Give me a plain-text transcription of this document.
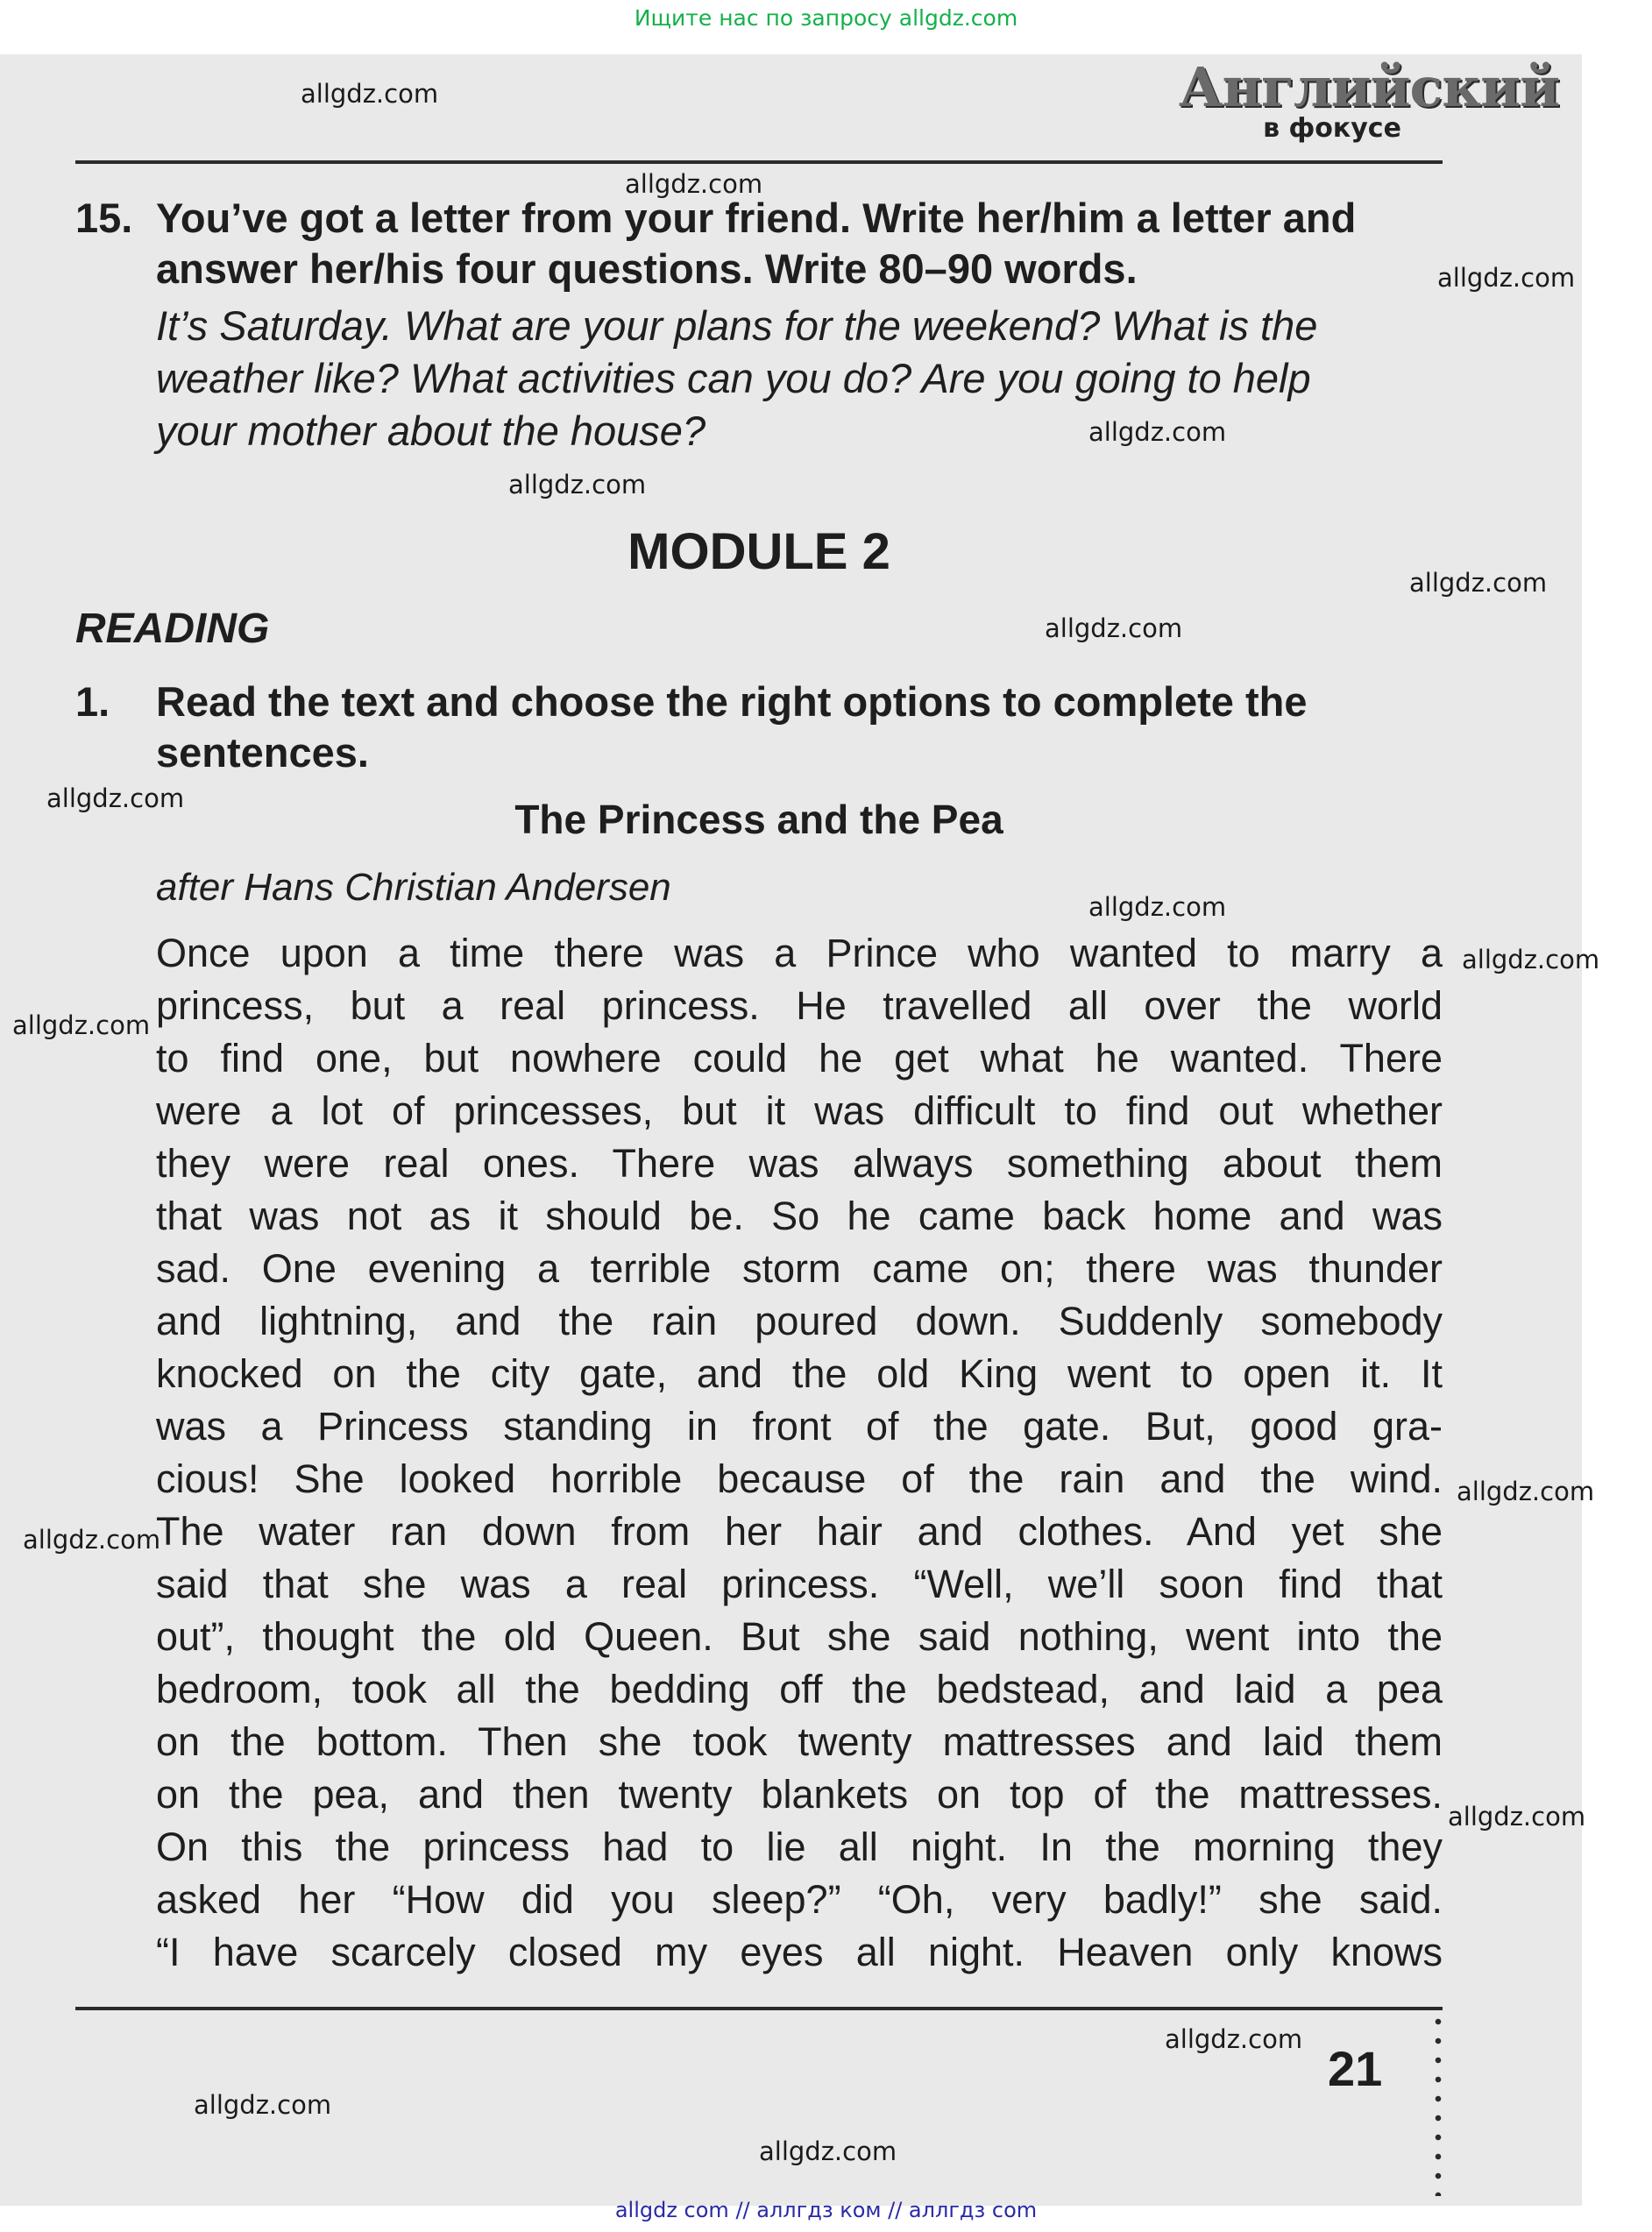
Ищите нас по запросу allgdz.com
Английский
в фокусе
15. You’ve got a letter from your friend. Write her/him a letter and answer her/his four questions. Write 80–90 words.
It’s Saturday. What are your plans for the weekend? What is the
weather like? What activities can you do? Are you going to help
your mother about the house?
MODULE 2
READING
1. Read the text and choose the right options to complete the sentences.
The Princess and the Pea
after Hans Christian Andersen
Once upon a time there was a Prince who wanted to marry a
princess, but a real princess. He travelled all over the world
to find one, but nowhere could he get what he wanted. There
were a lot of princesses, but it was difficult to find out whether
they were real ones. There was always something about them
that was not as it should be. So he came back home and was
sad. One evening a terrible storm came on; there was thunder
and lightning, and the rain poured down. Suddenly somebody
knocked on the city gate, and the old King went to open it. It
was a Princess standing in front of the gate. But, good gra-
cious! She looked horrible because of the rain and the wind.
The water ran down from her hair and clothes. And yet she
said that she was a real princess. “Well, we’ll soon find that
out”, thought the old Queen. But she said nothing, went into the
bedroom, took all the bedding off the bedstead, and laid a pea
on the bottom. Then she took twenty mattresses and laid them
on the pea, and then twenty blankets on top of the mattresses.
On this the princess had to lie all night. In the morning they
asked her “How did you sleep?” “Oh, very badly!” she said.
“I have scarcely closed my eyes all night. Heaven only knows
21
allgdz.com
allgdz.com
allgdz.com
allgdz.com
allgdz.com
allgdz.com
allgdz.com
allgdz.com
allgdz.com
allgdz.com
allgdz.com
allgdz.com
allgdz.com
allgdz.com
allgdz.com
allgdz.com
allgdz.com
allgdz com // аллгдз ком // аллгдз com
